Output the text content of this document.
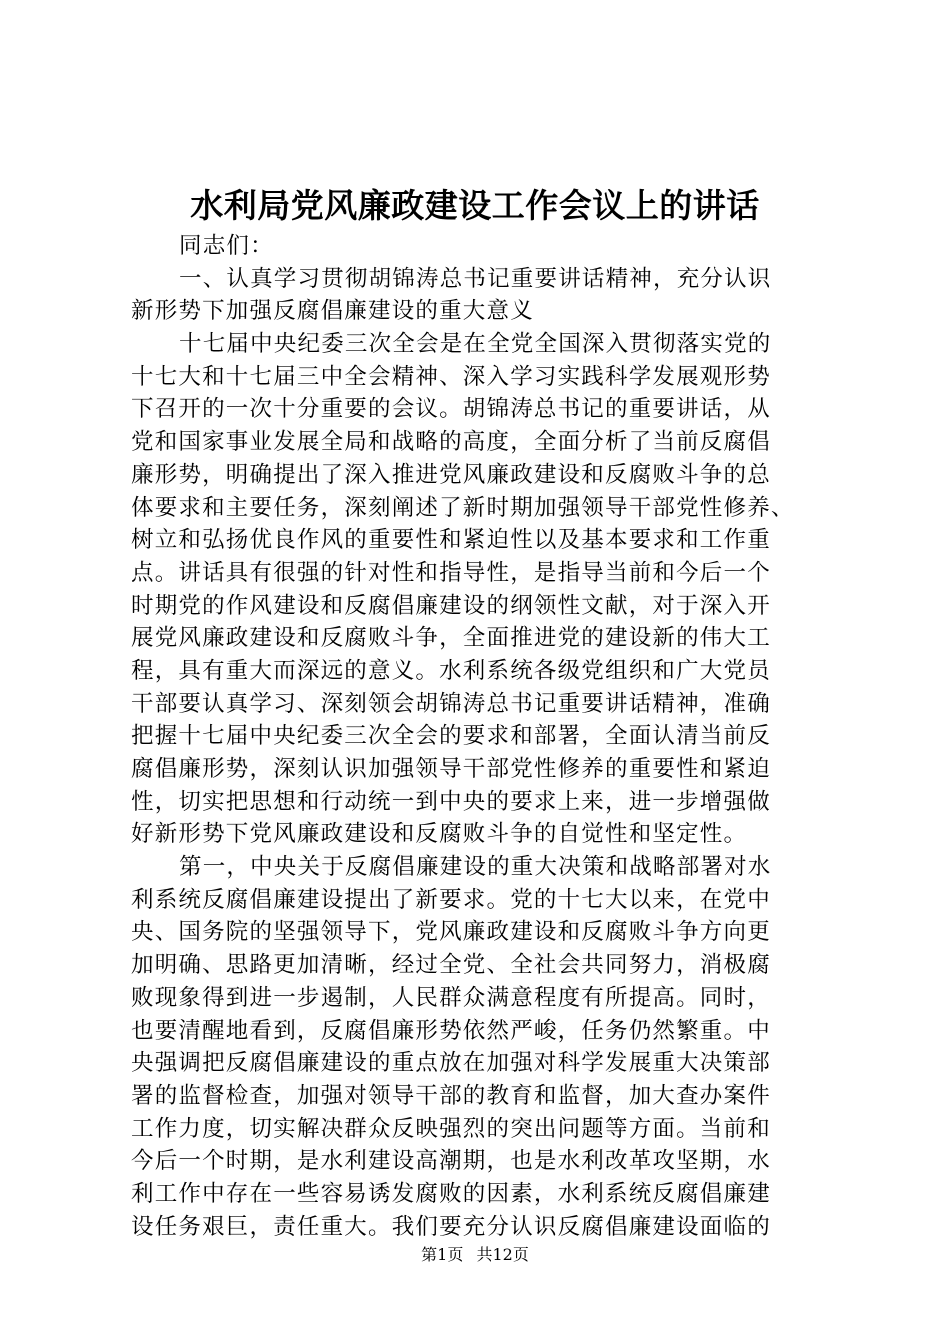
水利局党风廉政建设工作会议上的讲话
同志们：
一、认真学习贯彻胡锦涛总书记重要讲话精神，充分认识
新形势下加强反腐倡廉建设的重大意义
十七届中央纪委三次全会是在全党全国深入贯彻落实党的
十七大和十七届三中全会精神、深入学习实践科学发展观形势
下召开的一次十分重要的会议。胡锦涛总书记的重要讲话，从
党和国家事业发展全局和战略的高度，全面分析了当前反腐倡
廉形势，明确提出了深入推进党风廉政建设和反腐败斗争的总
体要求和主要任务，深刻阐述了新时期加强领导干部党性修养、
树立和弘扬优良作风的重要性和紧迫性以及基本要求和工作重
点。讲话具有很强的针对性和指导性，是指导当前和今后一个
时期党的作风建设和反腐倡廉建设的纲领性文献，对于深入开
展党风廉政建设和反腐败斗争，全面推进党的建设新的伟大工
程，具有重大而深远的意义。水利系统各级党组织和广大党员
干部要认真学习、深刻领会胡锦涛总书记重要讲话精神，准确
把握十七届中央纪委三次全会的要求和部署，全面认清当前反
腐倡廉形势，深刻认识加强领导干部党性修养的重要性和紧迫
性，切实把思想和行动统一到中央的要求上来，进一步增强做
好新形势下党风廉政建设和反腐败斗争的自觉性和坚定性。
第一，中央关于反腐倡廉建设的重大决策和战略部署对水
利系统反腐倡廉建设提出了新要求。党的十七大以来，在党中
央、国务院的坚强领导下，党风廉政建设和反腐败斗争方向更
加明确、思路更加清晰，经过全党、全社会共同努力，消极腐
败现象得到进一步遏制，人民群众满意程度有所提高。同时，
也要清醒地看到，反腐倡廉形势依然严峻，任务仍然繁重。中
央强调把反腐倡廉建设的重点放在加强对科学发展重大决策部
署的监督检查，加强对领导干部的教育和监督，加大查办案件
工作力度，切实解决群众反映强烈的突出问题等方面。当前和
今后一个时期，是水利建设高潮期，也是水利改革攻坚期，水
利工作中存在一些容易诱发腐败的因素，水利系统反腐倡廉建
设任务艰巨，责任重大。我们要充分认识反腐倡廉建设面临的
第1页 共12页
